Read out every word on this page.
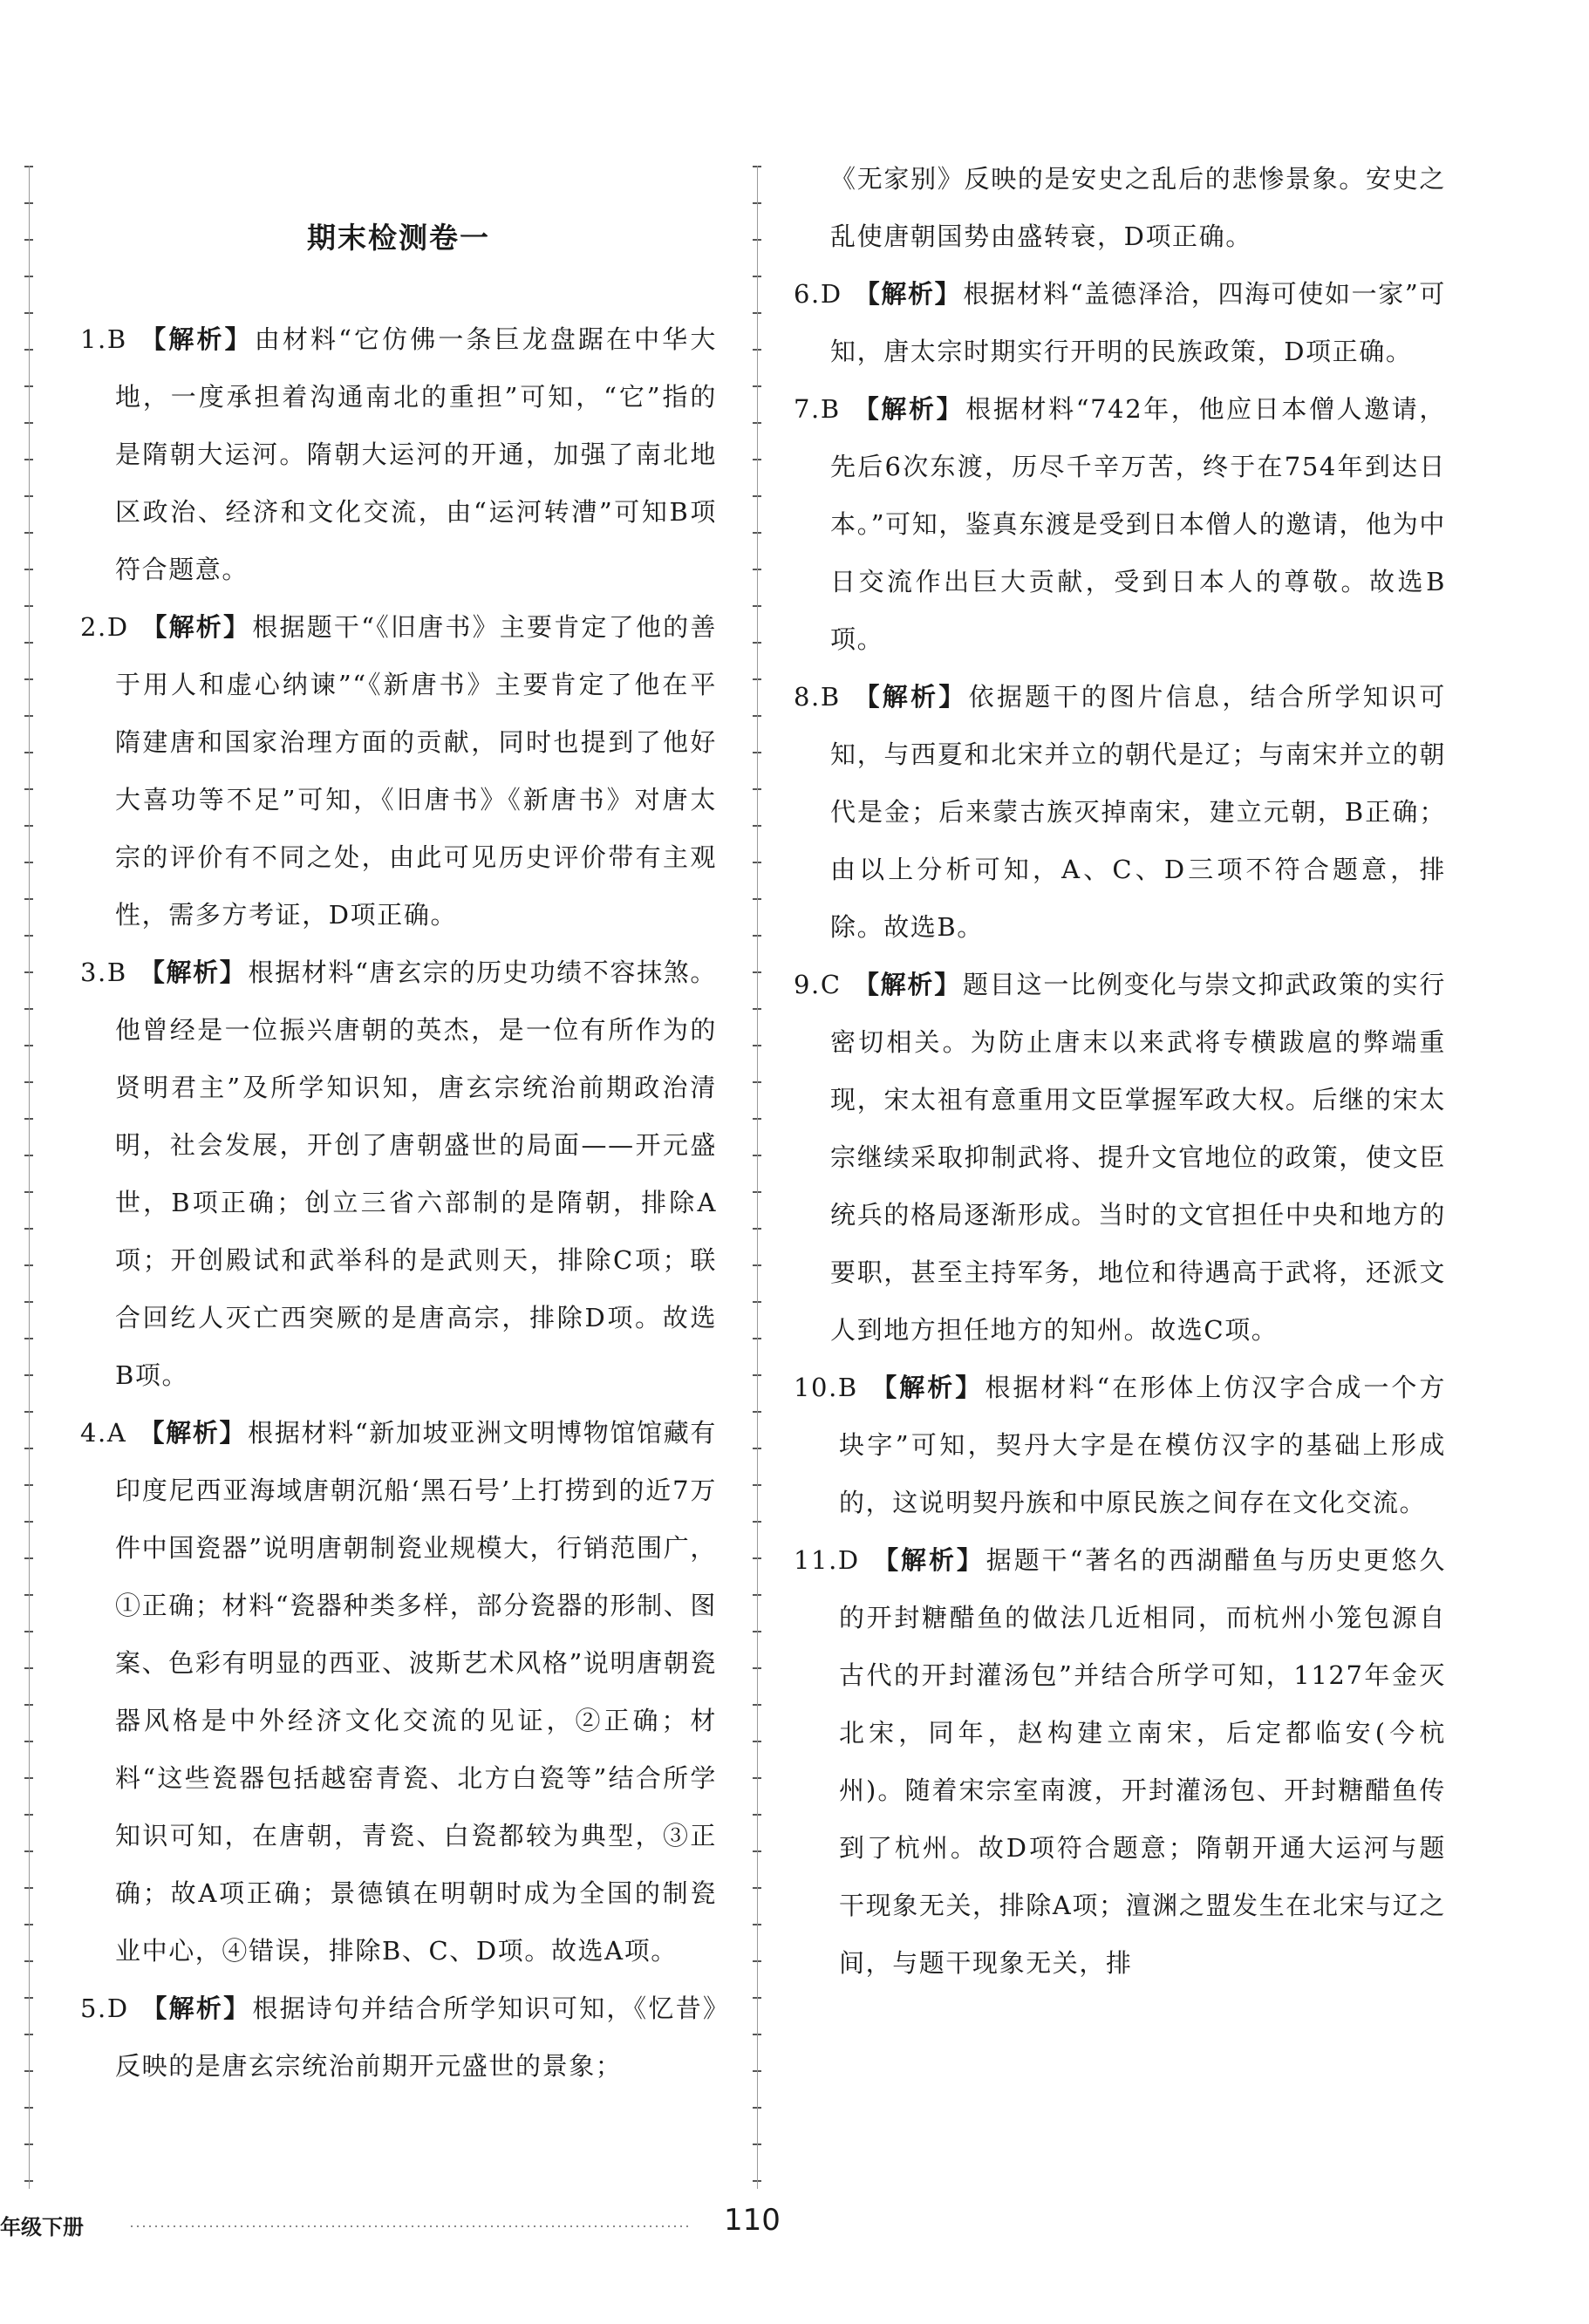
期末检测卷一

1.B 【解析】由材料“它仿佛一条巨龙盘踞在中华大地，一度承担着沟通南北的重担”可知，“它”指的是隋朝大运河。隋朝大运河的开通，加强了南北地区政治、经济和文化交流，由“运河转漕”可知B项符合题意。

2.D 【解析】根据题干“《旧唐书》主要肯定了他的善于用人和虚心纳谏”“《新唐书》主要肯定了他在平隋建唐和国家治理方面的贡献，同时也提到了他好大喜功等不足”可知，《旧唐书》《新唐书》对唐太宗的评价有不同之处，由此可见历史评价带有主观性，需多方考证，D项正确。

3.B 【解析】根据材料“唐玄宗的历史功绩不容抹煞。他曾经是一位振兴唐朝的英杰，是一位有所作为的贤明君主”及所学知识知，唐玄宗统治前期政治清明，社会发展，开创了唐朝盛世的局面——开元盛世，B项正确；创立三省六部制的是隋朝，排除A项；开创殿试和武举科的是武则天，排除C项；联合回纥人灭亡西突厥的是唐高宗，排除D项。故选B项。

4.A 【解析】根据材料“新加坡亚洲文明博物馆馆藏有印度尼西亚海域唐朝沉船‘黑石号’上打捞到的近7万件中国瓷器”说明唐朝制瓷业规模大，行销范围广，①正确；材料“瓷器种类多样，部分瓷器的形制、图案、色彩有明显的西亚、波斯艺术风格”说明唐朝瓷器风格是中外经济文化交流的见证，②正确；材料“这些瓷器包括越窑青瓷、北方白瓷等”结合所学知识可知，在唐朝，青瓷、白瓷都较为典型，③正确；故A项正确；景德镇在明朝时成为全国的制瓷业中心，④错误，排除B、C、D项。故选A项。

5.D 【解析】根据诗句并结合所学知识可知，《忆昔》反映的是唐玄宗统治前期开元盛世的景象；

《无家别》反映的是安史之乱后的悲惨景象。安史之乱使唐朝国势由盛转衰，D项正确。

6.D 【解析】根据材料“盖德泽洽，四海可使如一家”可知，唐太宗时期实行开明的民族政策，D项正确。

7.B 【解析】根据材料“742年，他应日本僧人邀请，先后6次东渡，历尽千辛万苦，终于在754年到达日本。”可知，鉴真东渡是受到日本僧人的邀请，他为中日交流作出巨大贡献，受到日本人的尊敬。故选B项。

8.B 【解析】依据题干的图片信息，结合所学知识可知，与西夏和北宋并立的朝代是辽；与南宋并立的朝代是金；后来蒙古族灭掉南宋，建立元朝，B正确；由以上分析可知，A、C、D三项不符合题意，排除。故选B。

9.C 【解析】题目这一比例变化与崇文抑武政策的实行密切相关。为防止唐末以来武将专横跋扈的弊端重现，宋太祖有意重用文臣掌握军政大权。后继的宋太宗继续采取抑制武将、提升文官地位的政策，使文臣统兵的格局逐渐形成。当时的文官担任中央和地方的要职，甚至主持军务，地位和待遇高于武将，还派文人到地方担任地方的知州。故选C项。

10.B 【解析】根据材料“在形体上仿汉字合成一个方块字”可知，契丹大字是在模仿汉字的基础上形成的，这说明契丹族和中原民族之间存在文化交流。

11.D 【解析】据题干“著名的西湖醋鱼与历史更悠久的开封糖醋鱼的做法几近相同，而杭州小笼包源自古代的开封灌汤包”并结合所学可知，1127年金灭北宋，同年，赵构建立南宋，后定都临安(今杭州)。随着宋宗室南渡，开封灌汤包、开封糖醋鱼传到了杭州。故D项符合题意；隋朝开通大运河与题干现象无关，排除A项；澶渊之盟发生在北宋与辽之间，与题干现象无关，排

年级下册	110
